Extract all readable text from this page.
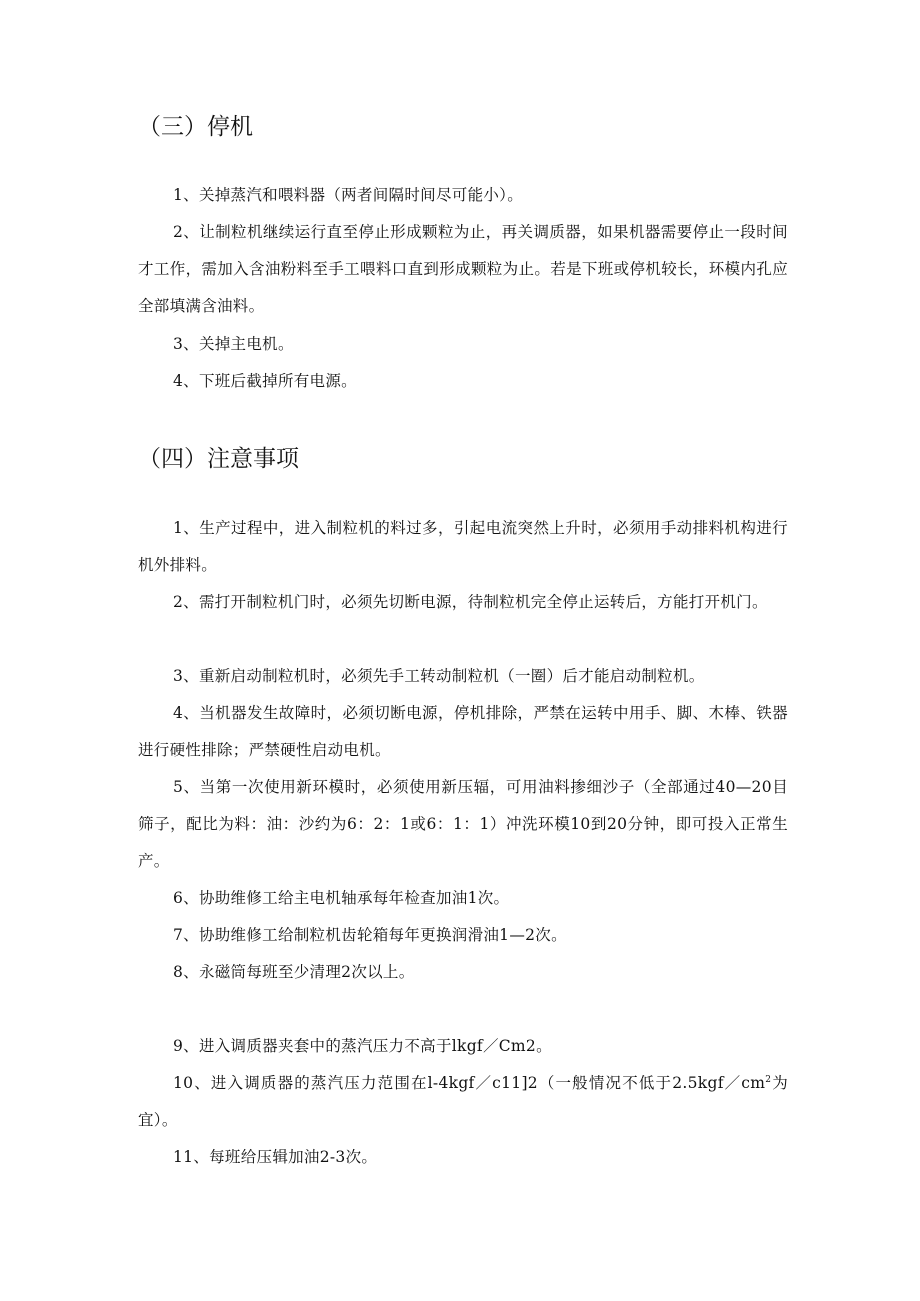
（三）停机
1、关掉蒸汽和喂料器（两者间隔时间尽可能小）。
2、让制粒机继续运行直至停止形成颗粒为止，再关调质器，如果机器需要停止一段时间才工作，需加入含油粉料至手工喂料口直到形成颗粒为止。若是下班或停机较长，环模内孔应全部填满含油料。
3、关掉主电机。
4、下班后截掉所有电源。
（四）注意事项
1、生产过程中，进入制粒机的料过多，引起电流突然上升时，必须用手动排料机构进行机外排料。
2、需打开制粒机门时，必须先切断电源，待制粒机完全停止运转后，方能打开机门。
3、重新启动制粒机时，必须先手工转动制粒机（一圈）后才能启动制粒机。
4、当机器发生故障时，必须切断电源，停机排除，严禁在运转中用手、脚、木棒、铁器进行硬性排除；严禁硬性启动电机。
5、当第一次使用新环模时，必须使用新压辐，可用油料掺细沙子（全部通过40—20目筛子，配比为料：油：沙约为6：2：1或6：1：1）冲洗环模10到20分钟，即可投入正常生产。
6、协助维修工给主电机轴承每年检查加油1次。
7、协助维修工给制粒机齿轮箱每年更换润滑油1—2次。
8、永磁筒每班至少清理2次以上。
9、进入调质器夹套中的蒸汽压力不高于lkgf／Cm2。
10、进入调质器的蒸汽压力范围在l-4kgf／c11]2（一般情况不低于$2.5kgf/cm^2$为宜）。
11、每班给压辑加油2-3次。
